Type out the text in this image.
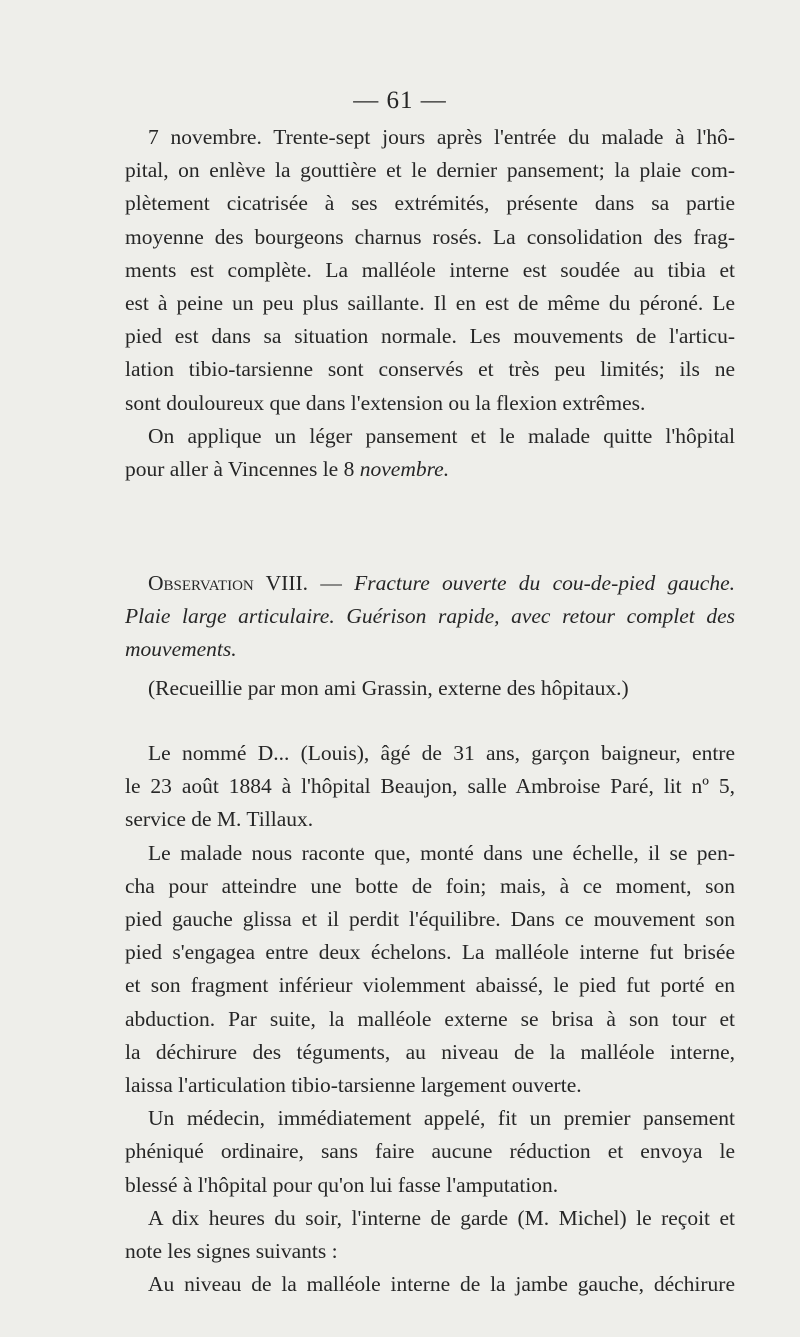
— 61 —
7 novembre. Trente-sept jours après l'entrée du malade à l'hô-
pital, on enlève la gouttière et le dernier pansement; la plaie com-
plètement cicatrisée à ses extrémités, présente dans sa partie
moyenne des bourgeons charnus rosés. La consolidation des frag-
ments est complète. La malléole interne est soudée au tibia et
est à peine un peu plus saillante. Il en est de même du péroné. Le
pied est dans sa situation normale. Les mouvements de l'articu-
lation tibio-tarsienne sont conservés et très peu limités; ils ne
sont douloureux que dans l'extension ou la flexion extrêmes.
On applique un léger pansement et le malade quitte l'hôpital
pour aller à Vincennes le 8 novembre.
Observation VIII. — Fracture ouverte du cou-de-pied gauche.
Plaie large articulaire. Guérison rapide, avec retour complet des
mouvements.
(Recueillie par mon ami Grassin, externe des hôpitaux.)
Le nommé D... (Louis), âgé de 31 ans, garçon baigneur, entre
le 23 août 1884 à l'hôpital Beaujon, salle Ambroise Paré, lit nº 5,
service de M. Tillaux.
Le malade nous raconte que, monté dans une échelle, il se pen-
cha pour atteindre une botte de foin; mais, à ce moment, son
pied gauche glissa et il perdit l'équilibre. Dans ce mouvement son
pied s'engagea entre deux échelons. La malléole interne fut brisée
et son fragment inférieur violemment abaissé, le pied fut porté en
abduction. Par suite, la malléole externe se brisa à son tour et
la déchirure des téguments, au niveau de la malléole interne,
laissa l'articulation tibio-tarsienne largement ouverte.
Un médecin, immédiatement appelé, fit un premier pansement
phéniqué ordinaire, sans faire aucune réduction et envoya le
blessé à l'hôpital pour qu'on lui fasse l'amputation.
A dix heures du soir, l'interne de garde (M. Michel) le reçoit et
note les signes suivants :
Au niveau de la malléole interne de la jambe gauche, déchirure
